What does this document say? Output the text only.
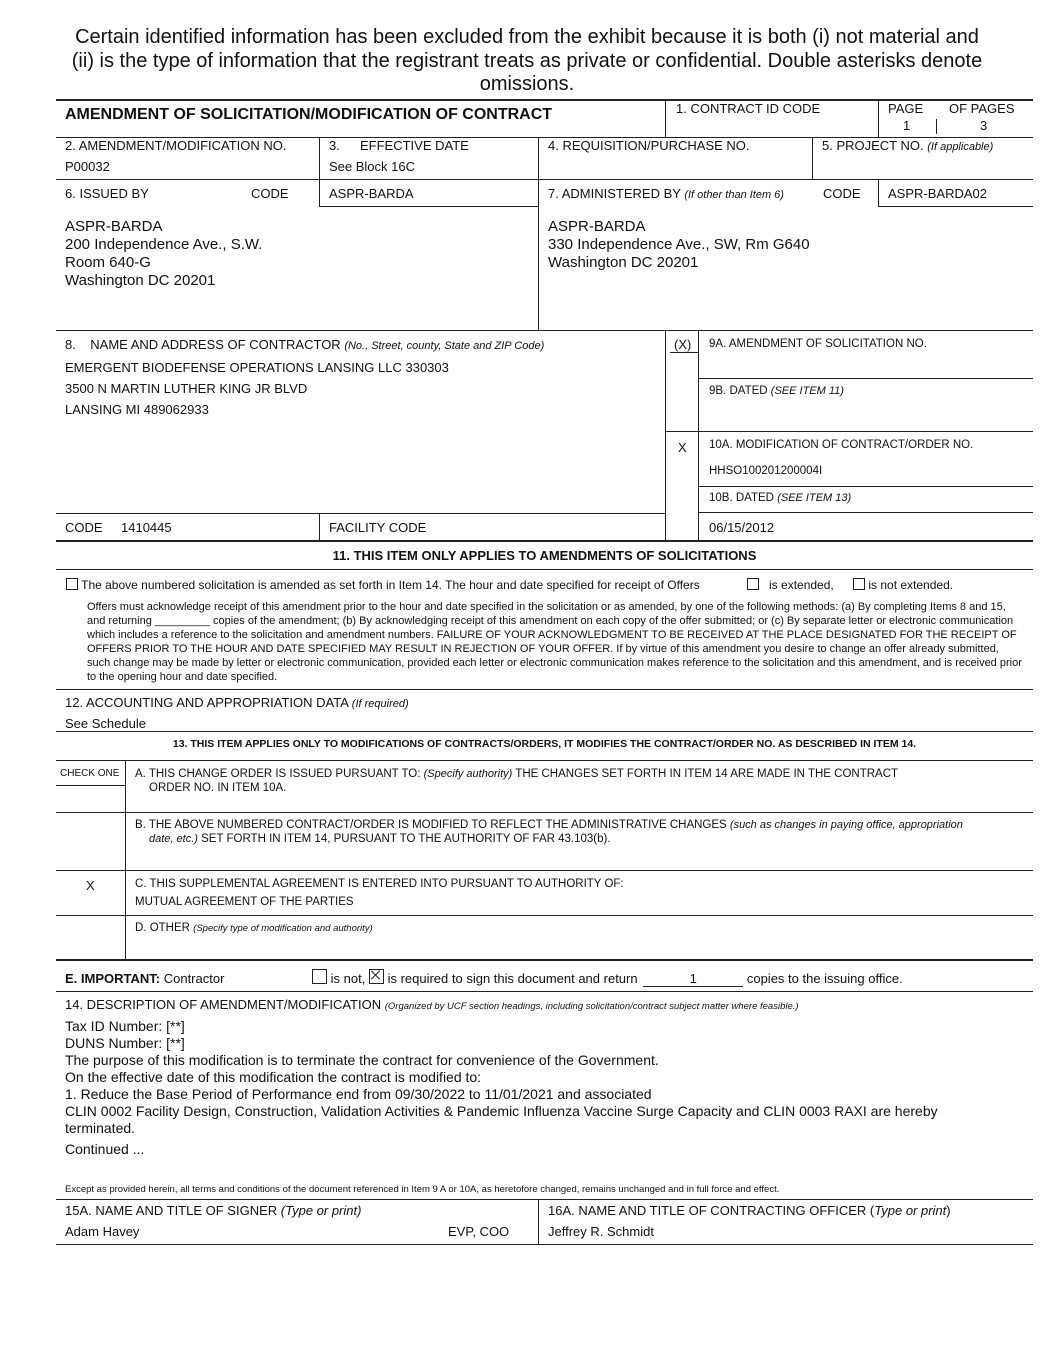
Certain identified information has been excluded from the exhibit because it is both (i) not material and (ii) is the type of information that the registrant treats as private or confidential. Double asterisks denote omissions.
AMENDMENT OF SOLICITATION/MODIFICATION OF CONTRACT	1. CONTRACT ID CODE	PAGE OF PAGES
1	3
2. AMENDMENT/MODIFICATION NO.
P00032
3. EFFECTIVE DATE
See Block 16C
4. REQUISITION/PURCHASE NO.	5. PROJECT NO. (If applicable)
6. ISSUED BY	CODE	ASPR-BARDA
ASPR-BARDA
200 Independence Ave., S.W.
Room 640-G
Washington DC 20201
7. ADMINISTERED BY (If other than Item 6)	CODE ASPR-BARDA02
ASPR-BARDA
330 Independence Ave., SW, Rm G640
Washington DC 20201
8. NAME AND ADDRESS OF CONTRACTOR (No., Street, county, State and ZIP Code)
EMERGENT BIODEFENSE OPERATIONS LANSING LLC 330303
3500 N MARTIN LUTHER KING JR BLVD
LANSING MI 489062933
(X) 9A. AMENDMENT OF SOLICITATION NO.
9B. DATED (SEE ITEM 11)
X 10A. MODIFICATION OF CONTRACT/ORDER NO.
HHSO100201200004I
10B. DATED (SEE ITEM 13)
06/15/2012
CODE 1410445	FACILITY CODE
11. THIS ITEM ONLY APPLIES TO AMENDMENTS OF SOLICITATIONS
The above numbered solicitation is amended as set forth in Item 14. The hour and date specified for receipt of Offers	is extended,	is not extended.
Offers must acknowledge receipt of this amendment prior to the hour and date specified in the solicitation or as amended, by one of the following methods: (a) By completing Items 8 and 15, and returning _________ copies of the amendment; (b) By acknowledging receipt of this amendment on each copy of the offer submitted; or (c) By separate letter or electronic communication which includes a reference to the solicitation and amendment numbers. FAILURE OF YOUR ACKNOWLEDGMENT TO BE RECEIVED AT THE PLACE DESIGNATED FOR THE RECEIPT OF OFFERS PRIOR TO THE HOUR AND DATE SPECIFIED MAY RESULT IN REJECTION OF YOUR OFFER. If by virtue of this amendment you desire to change an offer already submitted, such change may be made by letter or electronic communication, provided each letter or electronic communication makes reference to the solicitation and this amendment, and is received prior to the opening hour and date specified.
12. ACCOUNTING AND APPROPRIATION DATA (If required)
See Schedule
13. THIS ITEM APPLIES ONLY TO MODIFICATIONS OF CONTRACTS/ORDERS, IT MODIFIES THE CONTRACT/ORDER NO. AS DESCRIBED IN ITEM 14.
CHECK ONE A. THIS CHANGE ORDER IS ISSUED PURSUANT TO: (Specify authority) THE CHANGES SET FORTH IN ITEM 14 ARE MADE IN THE CONTRACT
ORDER NO. IN ITEM 10A.
B. THE ABOVE NUMBERED CONTRACT/ORDER IS MODIFIED TO REFLECT THE ADMINISTRATIVE CHANGES (such as changes in paying office, appropriation
date, etc.) SET FORTH IN ITEM 14, PURSUANT TO THE AUTHORITY OF FAR 43.103(b).
X	C. THIS SUPPLEMENTAL AGREEMENT IS ENTERED INTO PURSUANT TO AUTHORITY OF:
MUTUAL AGREEMENT OF THE PARTIES
D. OTHER (Specify type of modification and authority)
E. IMPORTANT: Contractor	is not, is required to sign this document and return	1	copies to the issuing office.
14. DESCRIPTION OF AMENDMENT/MODIFICATION (Organized by UCF section headings, including solicitation/contract subject matter where feasible.)
Tax ID Number: [**]
DUNS Number: [**]
The purpose of this modification is to terminate the contract for convenience of the Government.
On the effective date of this modification the contract is modified to:
1. Reduce the Base Period of Performance end from 09/30/2022 to 11/01/2021 and associated
CLIN 0002 Facility Design, Construction, Validation Activities & Pandemic Influenza Vaccine Surge Capacity and CLIN 0003 RAXI are hereby
terminated.
Continued ...
Except as provided herein, all terms and conditions of the document referenced in Item 9 A or 10A, as heretofore changed, remains unchanged and in full force and effect.
15A. NAME AND TITLE OF SIGNER (Type or print)	16A. NAME AND TITLE OF CONTRACTING OFFICER (Type or print)
Adam Havey	EVP, COO	Jeffrey R. Schmidt
